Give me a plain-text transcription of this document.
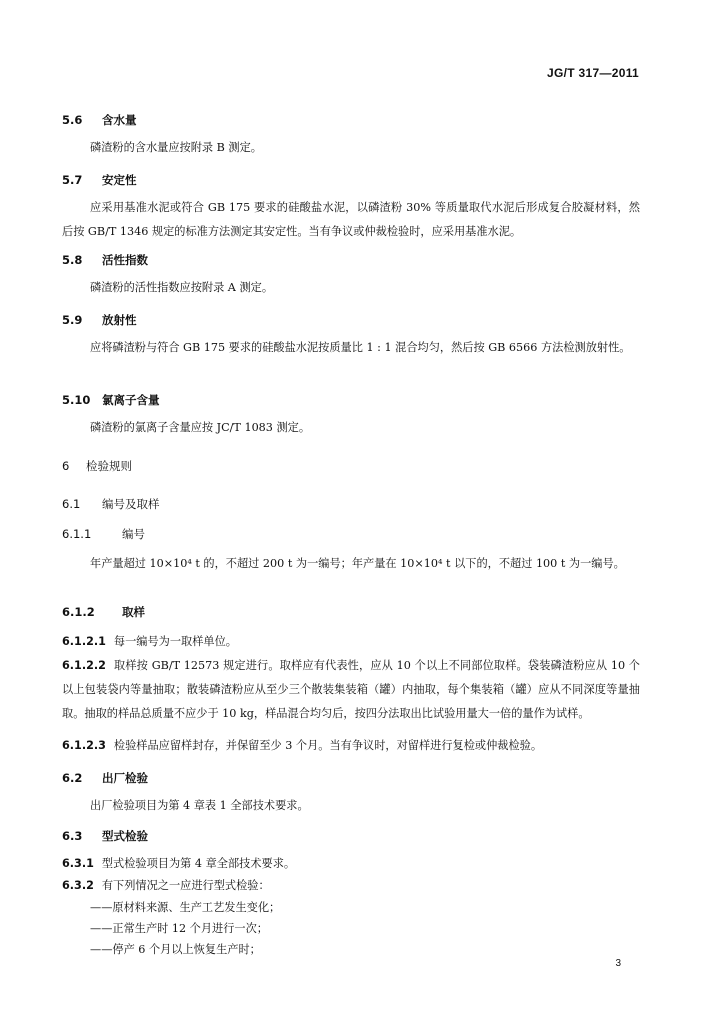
JG/T 317—2011
5.6 含水量
磷渣粉的含水量应按附录 B 测定。
5.7 安定性
应采用基准水泥或符合 GB 175 要求的硅酸盐水泥，以磷渣粉 30% 等质量取代水泥后形成复合胶凝材料，然后按 GB/T 1346 规定的标准方法测定其安定性。当有争议或仲裁检验时，应采用基准水泥。
5.8 活性指数
磷渣粉的活性指数应按附录 A 测定。
5.9 放射性
应将磷渣粉与符合 GB 175 要求的硅酸盐水泥按质量比 1 : 1 混合均匀，然后按 GB 6566 方法检测放射性。
5.10 氯离子含量
磷渣粉的氯离子含量应按 JC/T 1083 测定。
6 检验规则
6.1 编号及取样
6.1.1	编号
年产量超过 10×10⁴ t 的，不超过 200 t 为一编号；年产量在 10×10⁴ t 以下的，不超过 100 t 为一编号。
6.1.2 取样
6.1.2.1 每一编号为一取样单位。
6.1.2.2 取样按 GB/T 12573 规定进行。取样应有代表性，应从 10 个以上不同部位取样。袋装磷渣粉应从 10 个以上包装袋内等量抽取；散装磷渣粉应从至少三个散装集装箱（罐）内抽取，每个集装箱（罐）应从不同深度等量抽取。抽取的样品总质量不应少于 10 kg，样品混合均匀后，按四分法取出比试验用量大一倍的量作为试样。
6.1.2.3 检验样品应留样封存，并保留至少 3 个月。当有争议时，对留样进行复检或仲裁检验。
6.2 出厂检验
出厂检验项目为第 4 章表 1 全部技术要求。
6.3 型式检验
6.3.1 型式检验项目为第 4 章全部技术要求。
6.3.2 有下列情况之一应进行型式检验：
——原材料来源、生产工艺发生变化；
——正常生产时 12 个月进行一次；
——停产 6 个月以上恢复生产时；
3
